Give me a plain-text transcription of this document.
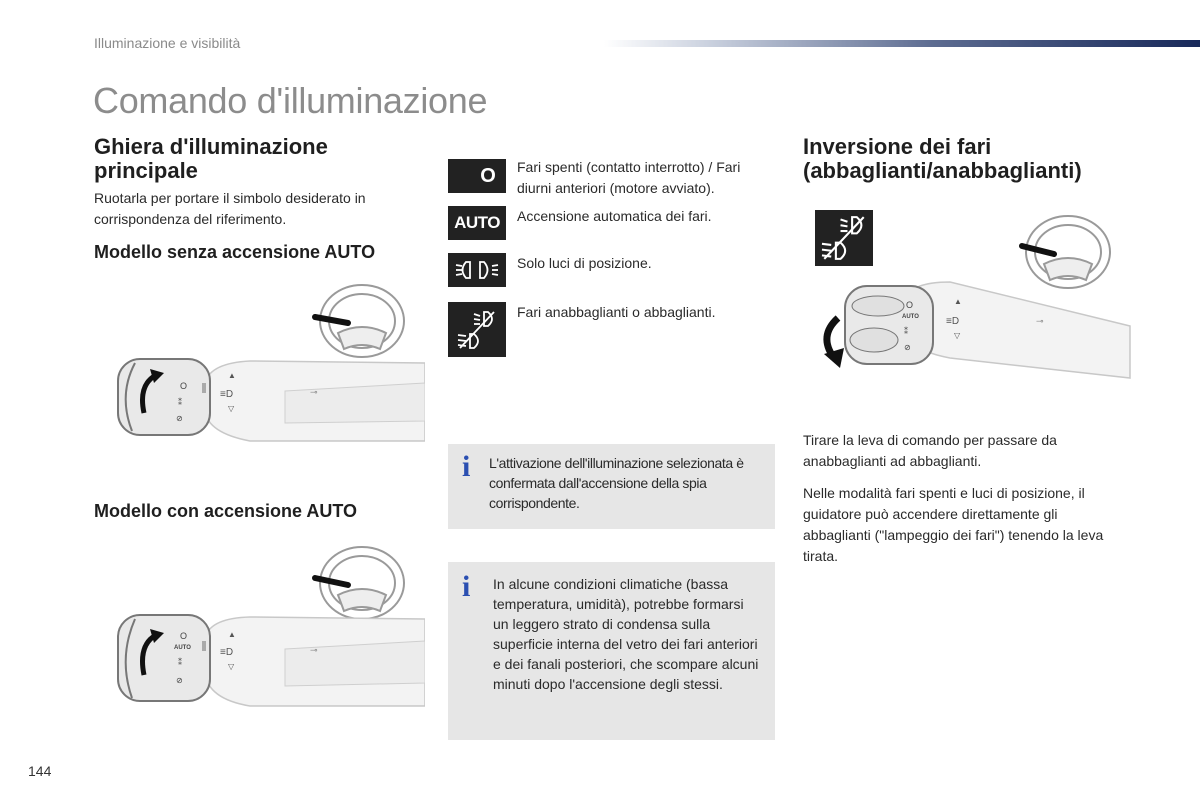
Illuminazione e visibilità
Comando d'illuminazione
Ghiera d'illuminazione principale

Ruotarla per portare il simbolo desiderato in corrispondenza del riferimento.

Modello senza accensione AUTO
Modello con accensione AUTO
O
⁑
⊘
▲
≡D
▽
⊸
O
AUTO
⁑
⊘
▲
≡D
▽
⊸
O Fari spenti (contatto interrotto) / Fari diurni anteriori (motore avviato).
AUTO Accensione automatica dei fari.
Solo luci di posizione.
Fari anabbaglianti o abbaglianti.
i L'attivazione dell'illuminazione selezionata è confermata dall'accensione della spia corrispondente.
i In alcune condizioni climatiche (bassa temperatura, umidità), potrebbe formarsi un leggero strato di condensa sulla superficie interna del vetro dei fari anteriori e dei fanali posteriori, che scompare alcuni minuti dopo l'accensione degli stessi.
Inversione dei fari (abbaglianti/anabbaglianti)
O
AUTO
⁑
⊘
▲
≡D
▽
⊸

Tirare la leva di comando per passare da anabbaglianti ad abbaglianti.

Nelle modalità fari spenti e luci di posizione, il guidatore può accendere direttamente gli abbaglianti ("lampeggio dei fari") tenendo la leva tirata.

144
